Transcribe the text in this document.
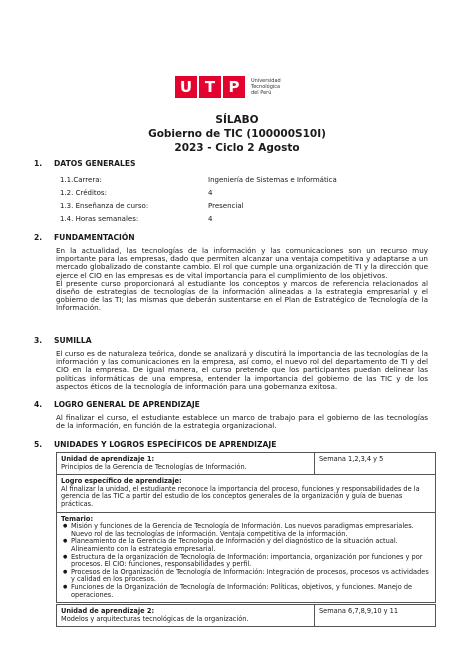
U T P	Universidad
Tecnológica
del Perú
SÍLABO
Gobierno de TIC (100000S10I)
2023 - Ciclo 2 Agosto
1. DATOS GENERALES
1.1.Carrera:	Ingeniería de Sistemas e Informática
1.2. Créditos:	4
1.3. Enseñanza de curso:	Presencial
1.4. Horas semanales:	4
2. FUNDAMENTACIÓN
En la actualidad, las tecnologías de la información y las comunicaciones son un recurso muy importante para las empresas, dado que permiten alcanzar una ventaja competitiva y adaptarse a un mercado globalizado de constante cambio. El rol que cumple una organización de TI y la dirección que ejerce el CIO en las empresas es de vital importancia para el cumplimiento de los objetivos.
El presente curso proporcionará al estudiante los conceptos y marcos de referencia relacionados al diseño de estrategias de tecnologías de la información alineadas a la estrategia empresarial y el gobierno de las TI; las mismas que deberán sustentarse en el Plan de Estratégico de Tecnología de la Información.
3. SUMILLA
El curso es de naturaleza teórica, donde se analizará y discutirá la importancia de las tecnologías de la información y las comunicaciones en la empresa, así como, el nuevo rol del departamento de TI y del CIO en la empresa. De igual manera, el curso pretende que los participantes puedan delinear las políticas informáticas de una empresa, entender la importancia del gobierno de las TIC y de los aspectos éticos de la tecnología de información para una gobernanza exitosa.
4. LOGRO GENERAL DE APRENDIZAJE
Al finalizar el curso, el estudiante establece un marco de trabajo para el gobierno de las tecnologías de la información, en función de la estrategia organizacional.
5. UNIDADES Y LOGROS ESPECÍFICOS DE APRENDIZAJE
Unidad de aprendizaje 1:
Principios de la Gerencia de Tecnologías de Información.
Semana 1,2,3,4 y 5
Logro específico de aprendizaje:
Al finalizar la unidad, el estudiante reconoce la importancia del proceso, funciones y responsabilidades de la gerencia de las TIC a partir del estudio de los conceptos generales de la organización y guía de buenas prácticas.
Temario:
● Misión y funciones de la Gerencia de Tecnología de Información. Los nuevos paradigmas empresariales. Nuevo rol de las tecnologías de información. Ventaja competitiva de la información.
● Planeamiento de la Gerencia de Tecnología de Información y del diagnóstico de la situación actual. Alineamiento con la estrategia empresarial.
● Estructura de la organización de Tecnología de Información: importancia, organización por funciones y por procesos. El CIO: funciones, responsabilidades y perfil.
● Procesos de la Organización de Tecnología de Información: Integración de procesos, procesos vs actividades y calidad en los procesos.
● Funciones de la Organización de Tecnología de Información: Políticas, objetivos, y funciones. Manejo de operaciones.
Unidad de aprendizaje 2:
Modelos y arquitecturas tecnológicas de la organización.
Semana 6,7,8,9,10 y 11
